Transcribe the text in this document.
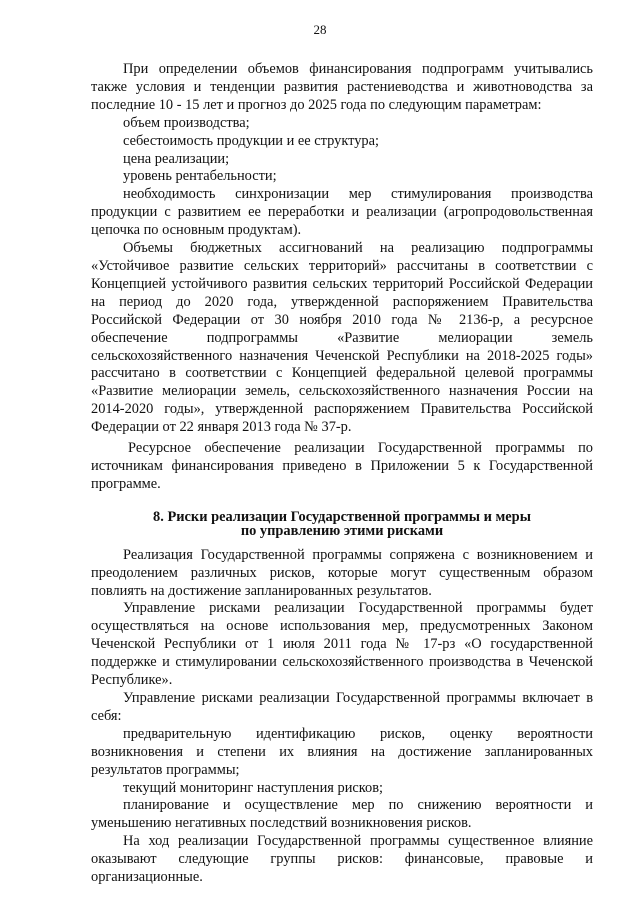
28

При определении объемов финансирования подпрограмм учитывались также условия и тенденции развития растениеводства и животноводства за последние 10 - 15 лет и прогноз до 2025 года по следующим параметрам:

объем производства;

себестоимость продукции и ее структура;

цена реализации;

уровень рентабельности;

необходимость синхронизации мер стимулирования производства продукции с развитием ее переработки и реализации (агропродовольственная цепочка по основным продуктам).

Объемы бюджетных ассигнований на реализацию подпрограммы «Устойчивое развитие сельских территорий» рассчитаны в соответствии с Концепцией устойчивого развития сельских территорий Российской Федерации на период до 2020 года, утвержденной распоряжением Правительства Российской Федерации от 30 ноября 2010 года № 2136-р, а ресурсное обеспечение подпрограммы «Развитие мелиорации земель сельскохозяйственного назначения Чеченской Республики на 2018-2025 годы» рассчитано в соответствии с Концепцией федеральной целевой программы «Развитие мелиорации земель, сельскохозяйственного назначения России на 2014-2020 годы», утвержденной распоряжением Правительства Российской Федерации от 22 января 2013 года № 37-р.

Ресурсное обеспечение реализации Государственной программы по источникам финансирования приведено в Приложении 5 к Государственной программе.

8. Риски реализации Государственной программы и меры
по управлению этими рисками

Реализация Государственной программы сопряжена с возникновением и преодолением различных рисков, которые могут существенным образом повлиять на достижение запланированных результатов.

Управление рисками реализации Государственной программы будет осуществляться на основе использования мер, предусмотренных Законом Чеченской Республики от 1 июля 2011 года № 17-рз «О государственной поддержке и стимулировании сельскохозяйственного производства в Чеченской Республике».

Управление рисками реализации Государственной программы включает в себя:

предварительную идентификацию рисков, оценку вероятности возникновения и степени их влияния на достижение запланированных результатов программы;

текущий мониторинг наступления рисков;

планирование и осуществление мер по снижению вероятности и уменьшению негативных последствий возникновения рисков.

На ход реализации Государственной программы существенное влияние оказывают следующие группы рисков: финансовые, правовые и организационные.
